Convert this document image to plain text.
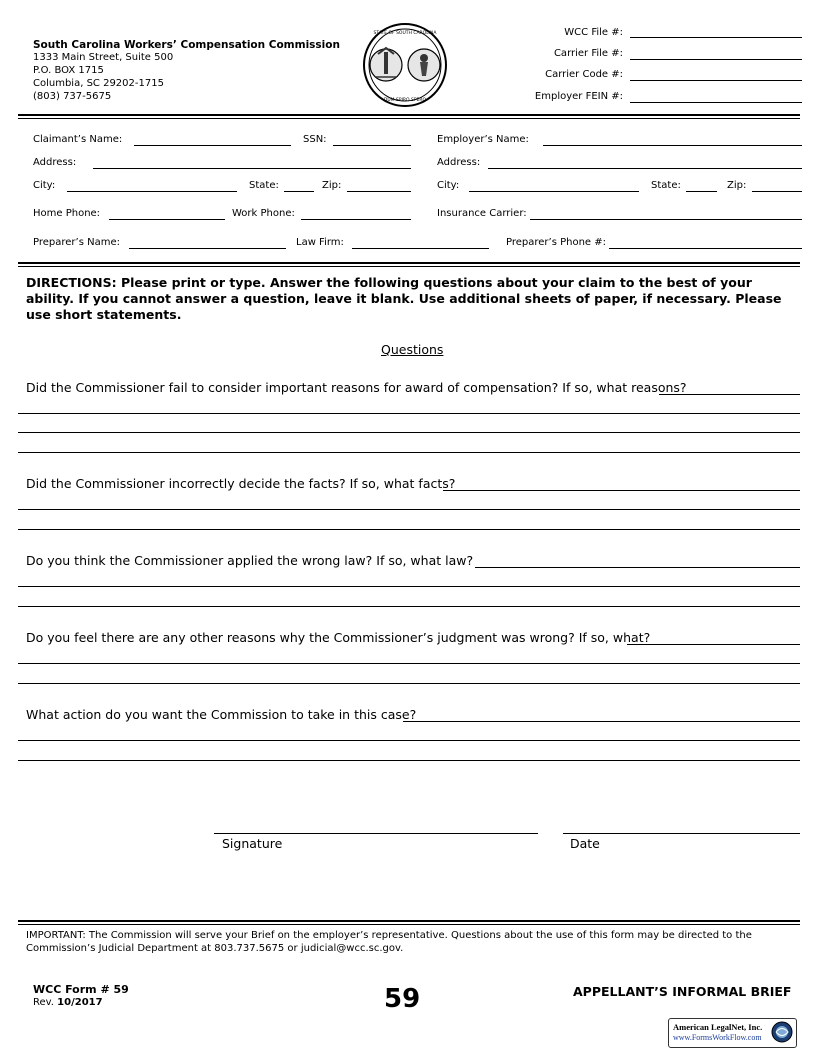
South Carolina Workers’ Compensation Commission
1333 Main Street, Suite 500
P.O. BOX 1715
Columbia, SC 29202-1715
(803) 737-5675
STATE OF SOUTH CAROLINA
DUM SPIRO SPERO
WCC File #:
Carrier File #:
Carrier Code #:
Employer FEIN #:
Claimant’s Name:	SSN:
Address:
City:	State:	Zip:
Home Phone:	Work Phone:
Employer’s Name:
Address:
City:	State:	Zip:
Insurance Carrier:
Preparer’s Name:	Law Firm:	Preparer’s Phone #:
DIRECTIONS: Please print or type. Answer the following questions about your claim to the best of your ability. If you cannot answer a question, leave it blank. Use additional sheets of paper, if necessary. Please use short statements.
Questions
Did the Commissioner fail to consider important reasons for award of compensation? If so, what reasons?
Did the Commissioner incorrectly decide the facts? If so, what facts?
Do you think the Commissioner applied the wrong law? If so, what law?
Do you feel there are any other reasons why the Commissioner’s judgment was wrong? If so, what?
What action do you want the Commission to take in this case?
Signature	Date
IMPORTANT: The Commission will serve your Brief on the employer’s representative. Questions about the use of this form may be directed to the Commission’s Judicial Department at 803.737.5675 or judicial@wcc.sc.gov.
WCC Form # 59
Rev. 10/2017	59	APPELLANT’S INFORMAL BRIEF
American LegalNet, Inc.
www.FormsWorkFlow.com
